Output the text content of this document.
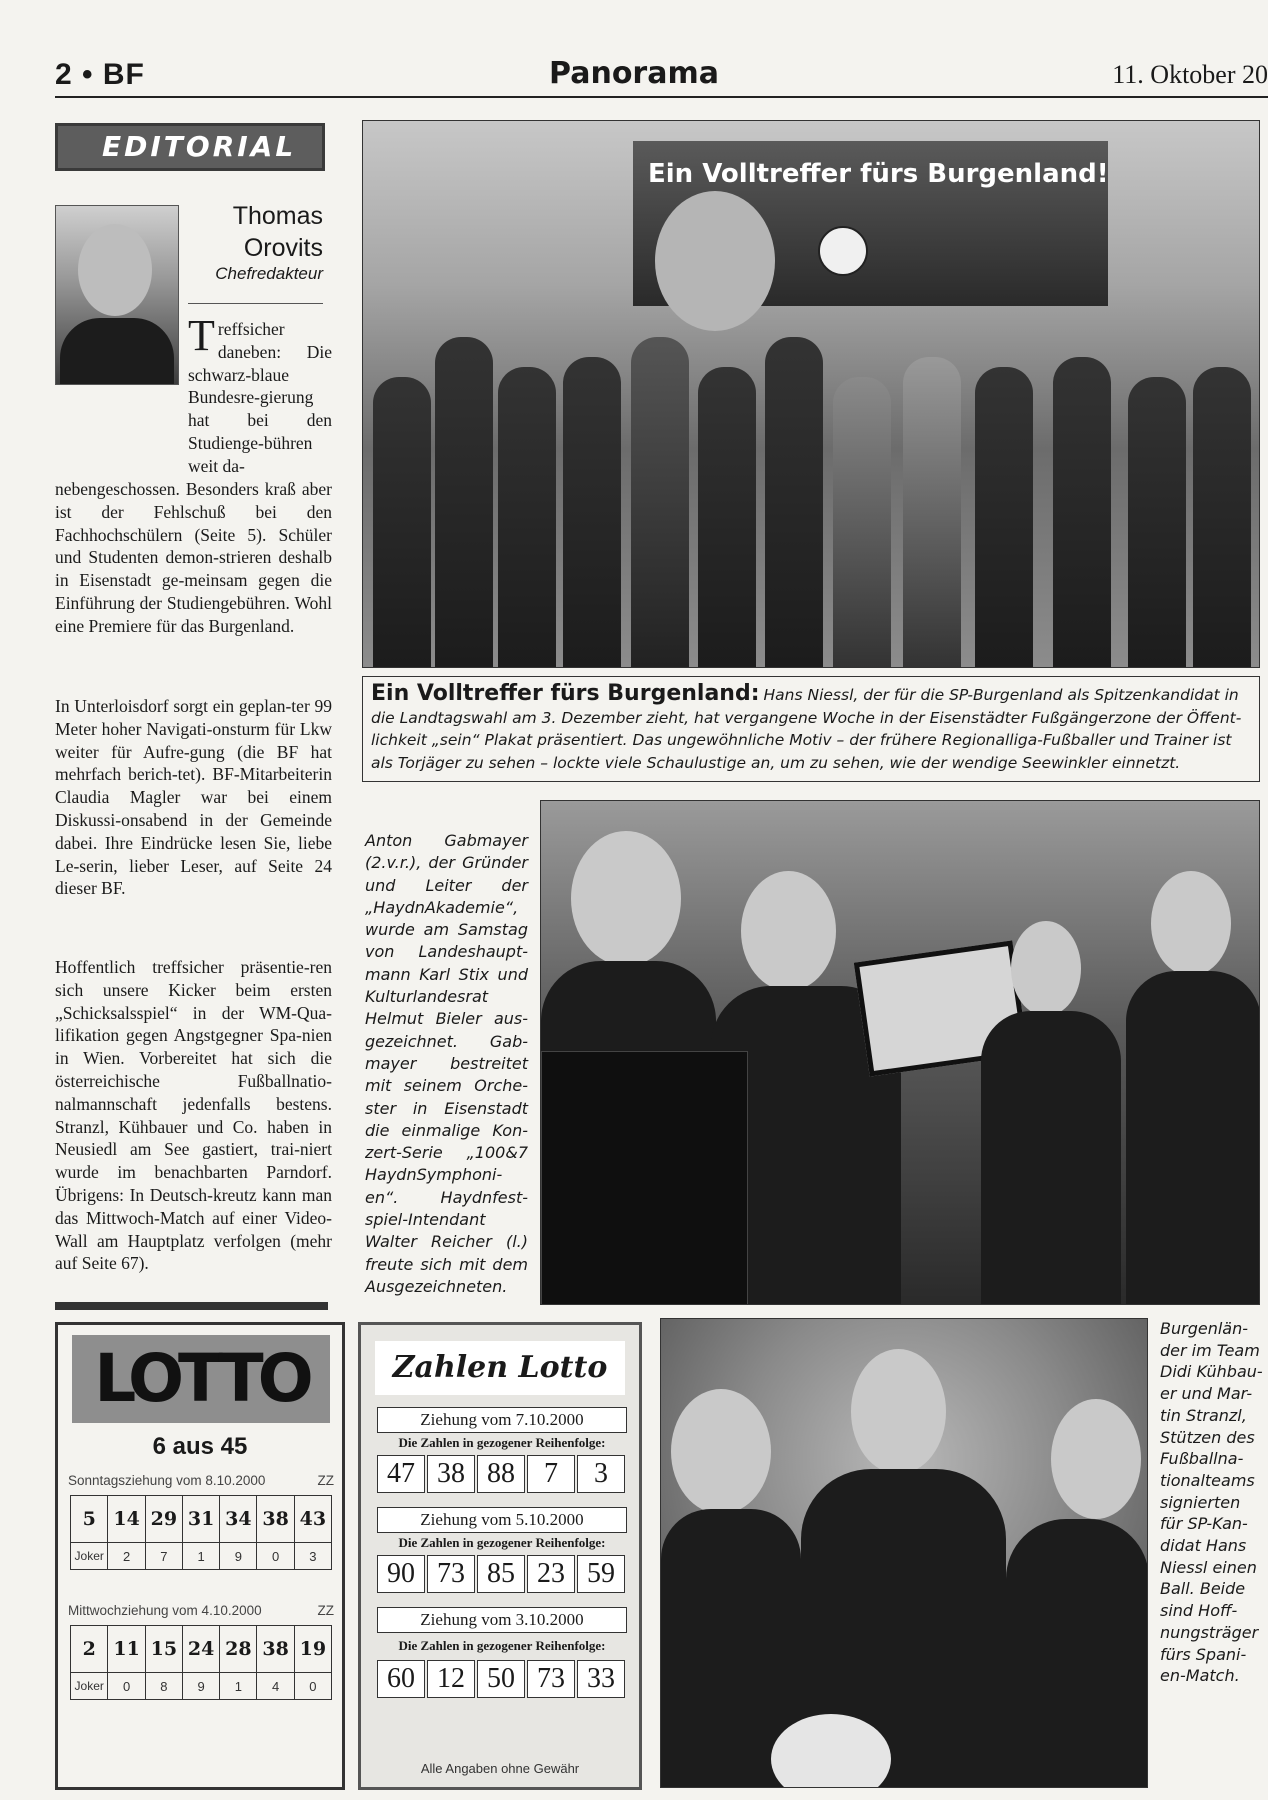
2 • BF	Panorama	11. Oktober 20
EDITORIAL
Thomas Orovits
Chefredakteur

Treffsicher daneben: Die schwarz-blaue Bundesre-gierung hat bei den Studienge-bühren weit da-

nebengeschossen. Besonders kraß aber ist der Fehlschuß bei den Fachhochschülern (Seite 5). Schüler und Studenten demon-strieren deshalb in Eisenstadt ge-meinsam gegen die Einführung der Studiengebühren. Wohl eine Premiere für das Burgenland.

In Unterloisdorf sorgt ein geplan-ter 99 Meter hoher Navigati-onsturm für Lkw weiter für Aufre-gung (die BF hat mehrfach berich-tet). BF-Mitarbeiterin Claudia Magler war bei einem Diskussi-onsabend in der Gemeinde dabei. Ihre Eindrücke lesen Sie, liebe Le-serin, lieber Leser, auf Seite 24 dieser BF.

Hoffentlich treffsicher präsentie-ren sich unsere Kicker beim ersten „Schicksalsspiel“ in der WM-Qua-lifikation gegen Angstgegner Spa-nien in Wien. Vorbereitet hat sich die österreichische Fußballnatio-nalmannschaft jedenfalls bestens. Stranzl, Kühbauer und Co. haben in Neusiedl am See gastiert, trai-niert wurde im benachbarten Parndorf. Übrigens: In Deutsch-kreutz kann man das Mittwoch-Match auf einer Video-Wall am Hauptplatz verfolgen (mehr auf Seite 67).

Ein Volltreffer fürs Burgenland!
Ein Volltreffer fürs Burgenland: Hans Niessl, der für die SP-Burgenland als Spitzenkandidat in die Landtagswahl am 3. Dezember zieht, hat vergangene Woche in der Eisenstädter Fußgängerzone der Öffent-lichkeit „sein“ Plakat präsentiert. Das ungewöhnliche Motiv – der frühere Regionalliga-Fußballer und Trainer ist als Torjäger zu sehen – lockte viele Schaulustige an, um zu sehen, wie der wendige Seewinkler einnetzt.
Anton Gabmayer (2.v.r.), der Gründer und Leiter der „HaydnAkademie“, wurde am Samstag von Landeshaupt-mann Karl Stix und Kulturlandesrat Helmut Bieler aus-gezeichnet. Gab-mayer bestreitet mit seinem Orche-ster in Eisenstadt die einmalige Kon-zert-Serie „100&7 HaydnSymphoni-en“. Haydnfest-spiel-Intendant Walter Reicher (l.) freute sich mit dem Ausgezeichneten.
LOTTO
6 aus 45
Sonntagsziehung vom 8.10.2000	ZZ
5	14	29	31	34	38	43
Joker	2	7	1	9	0	3
Mittwochziehung vom 4.10.2000	ZZ
2	11	15	24	28	38	19
Joker	0	8	9	1	4	0
Zahlen Lotto
Ziehung vom 7.10.2000
Die Zahlen in gezogener Reihenfolge:
47 38 88	7	3
Ziehung vom 5.10.2000
Die Zahlen in gezogener Reihenfolge:
90 73 85 23 59
Ziehung vom 3.10.2000
Die Zahlen in gezogener Reihenfolge:
60 12 50 73 33
Alle Angaben ohne Gewähr
Burgenlän-der im Team Didi Kühbau-er und Mar-tin Stranzl, Stützen des Fußballna-tionalteams signierten für SP-Kan-didat Hans Niessl einen Ball. Beide sind Hoff-nungsträger fürs Spani-en-Match.
